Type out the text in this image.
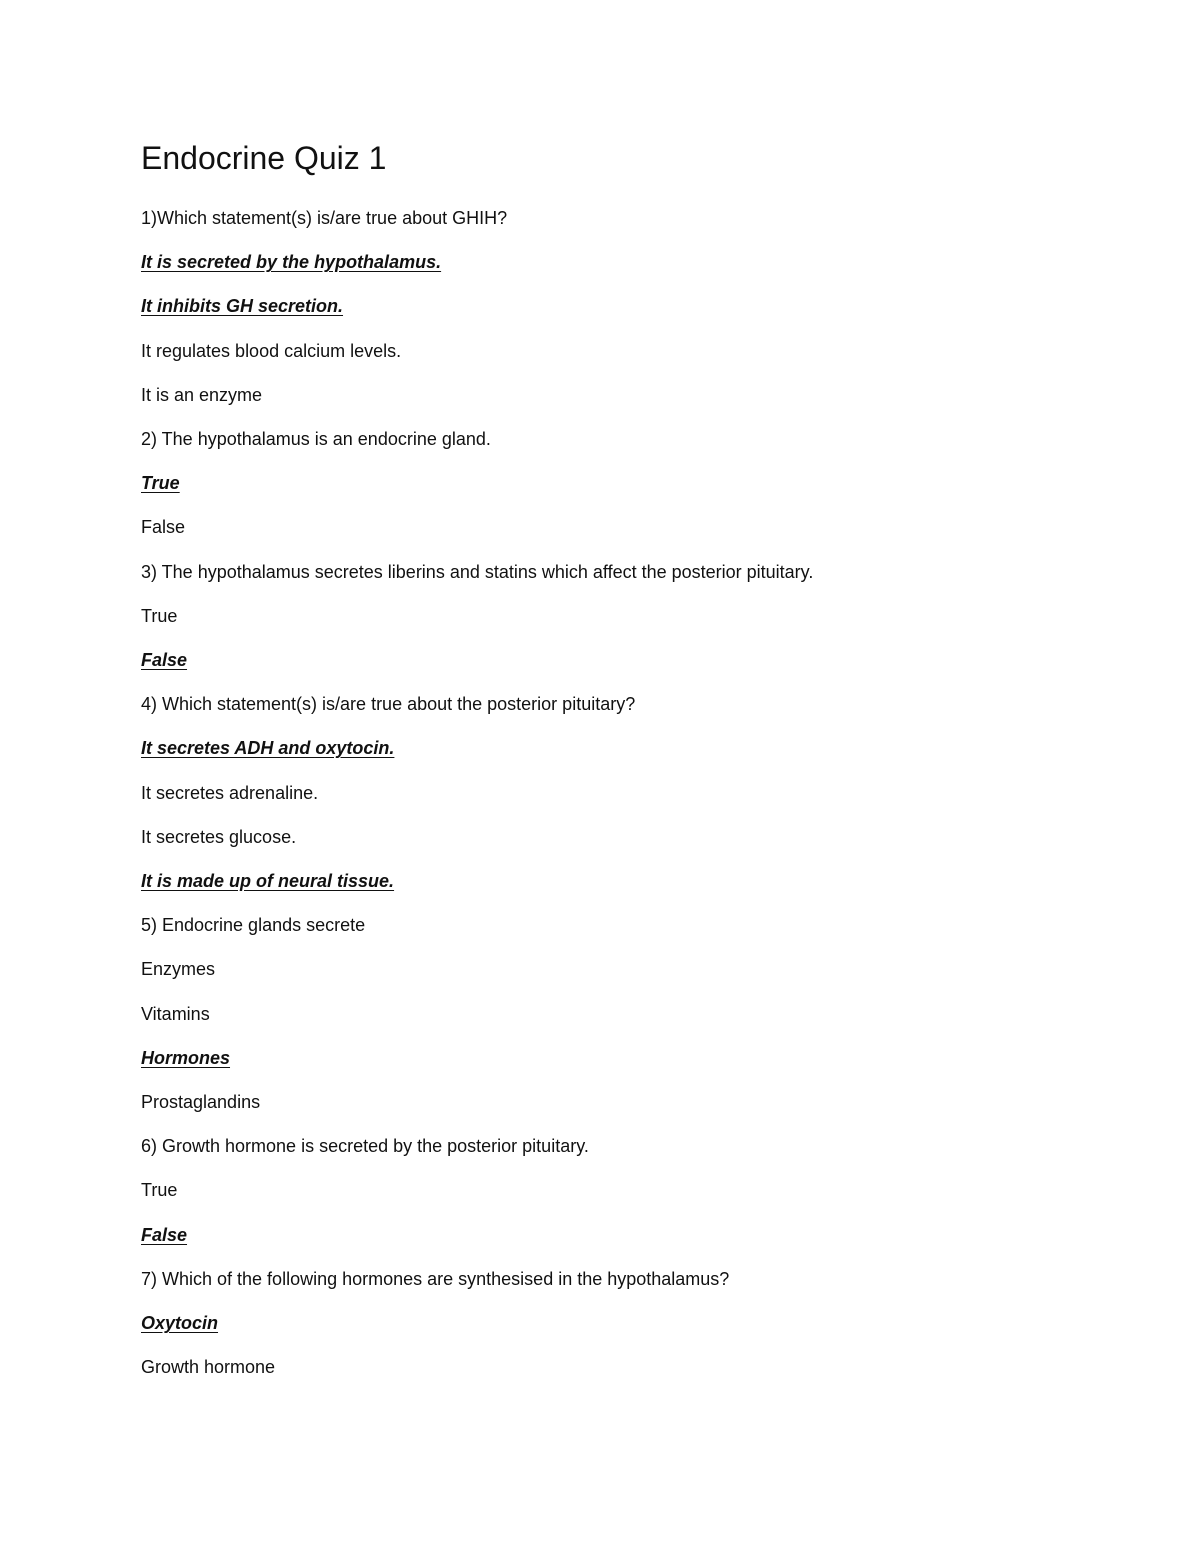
Endocrine Quiz 1

1)Which statement(s) is/are true about GHIH?

It is secreted by the hypothalamus.

It inhibits GH secretion.

It regulates blood calcium levels.

It is an enzyme

2) The hypothalamus is an endocrine gland.

True

False

3) The hypothalamus secretes liberins and statins which affect the posterior pituitary.

True

False

4) Which statement(s) is/are true about the posterior pituitary?

It secretes ADH and oxytocin.

It secretes adrenaline.

It secretes glucose.

It is made up of neural tissue.

5) Endocrine glands secrete

Enzymes

Vitamins

Hormones

Prostaglandins

6) Growth hormone is secreted by the posterior pituitary.

True

False

7) Which of the following hormones are synthesised in the hypothalamus?

Oxytocin

Growth hormone
